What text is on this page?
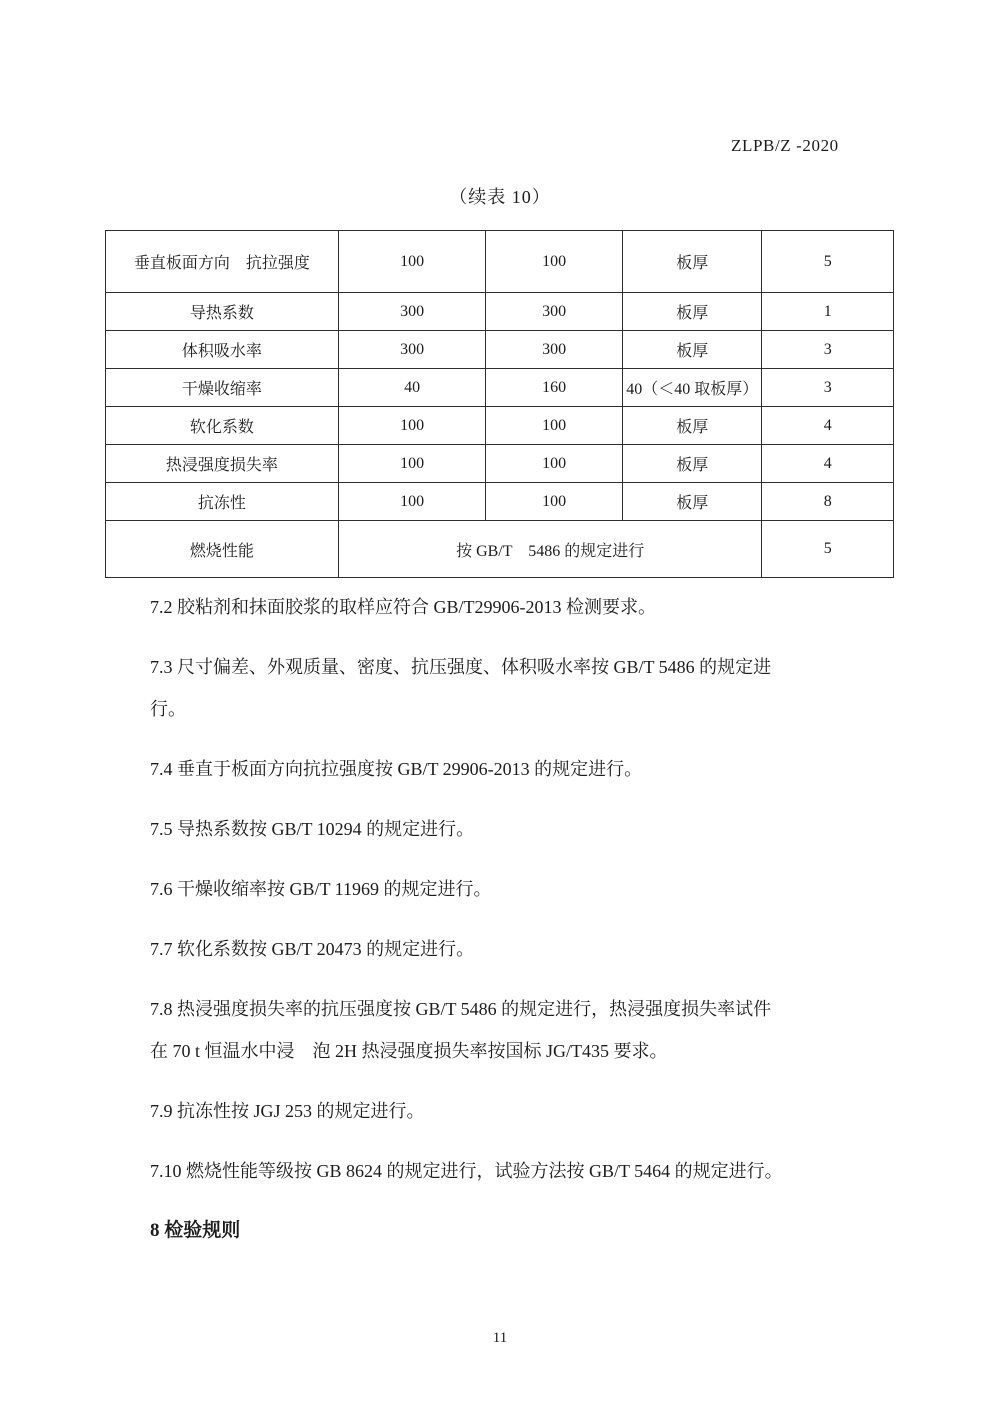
ZLPB/Z -2020
（续表 10）
垂直板面方向　抗拉强度	100	100	板厚	5
导热系数	300	300	板厚	1
体积吸水率	300	300	板厚	3
干燥收缩率	40	160	40（＜40 取板厚）	3
软化系数	100	100	板厚	4
热浸强度损失率	100	100	板厚	4
抗冻性	100	100	板厚	8
燃烧性能	按 GB/T　5486 的规定进行			5
7.2 胶粘剂和抹面胶浆的取样应符合 GB/T29906-2013 检测要求。
7.3 尺寸偏差、外观质量、密度、抗压强度、体积吸水率按 GB/T 5486 的规定进
行。
7.4 垂直于板面方向抗拉强度按 GB/T 29906-2013 的规定进行。
7.5 导热系数按 GB/T 10294 的规定进行。
7.6 干燥收缩率按 GB/T 11969 的规定进行。
7.7 软化系数按 GB/T 20473 的规定进行。
7.8 热浸强度损失率的抗压强度按 GB/T 5486 的规定进行，热浸强度损失率试件
在 70 t 恒温水中浸　泡 2H 热浸强度损失率按国标 JG/T435 要求。
7.9 抗冻性按 JGJ 253 的规定进行。
7.10 燃烧性能等级按 GB 8624 的规定进行，试验方法按 GB/T 5464 的规定进行。
8 检验规则
11
